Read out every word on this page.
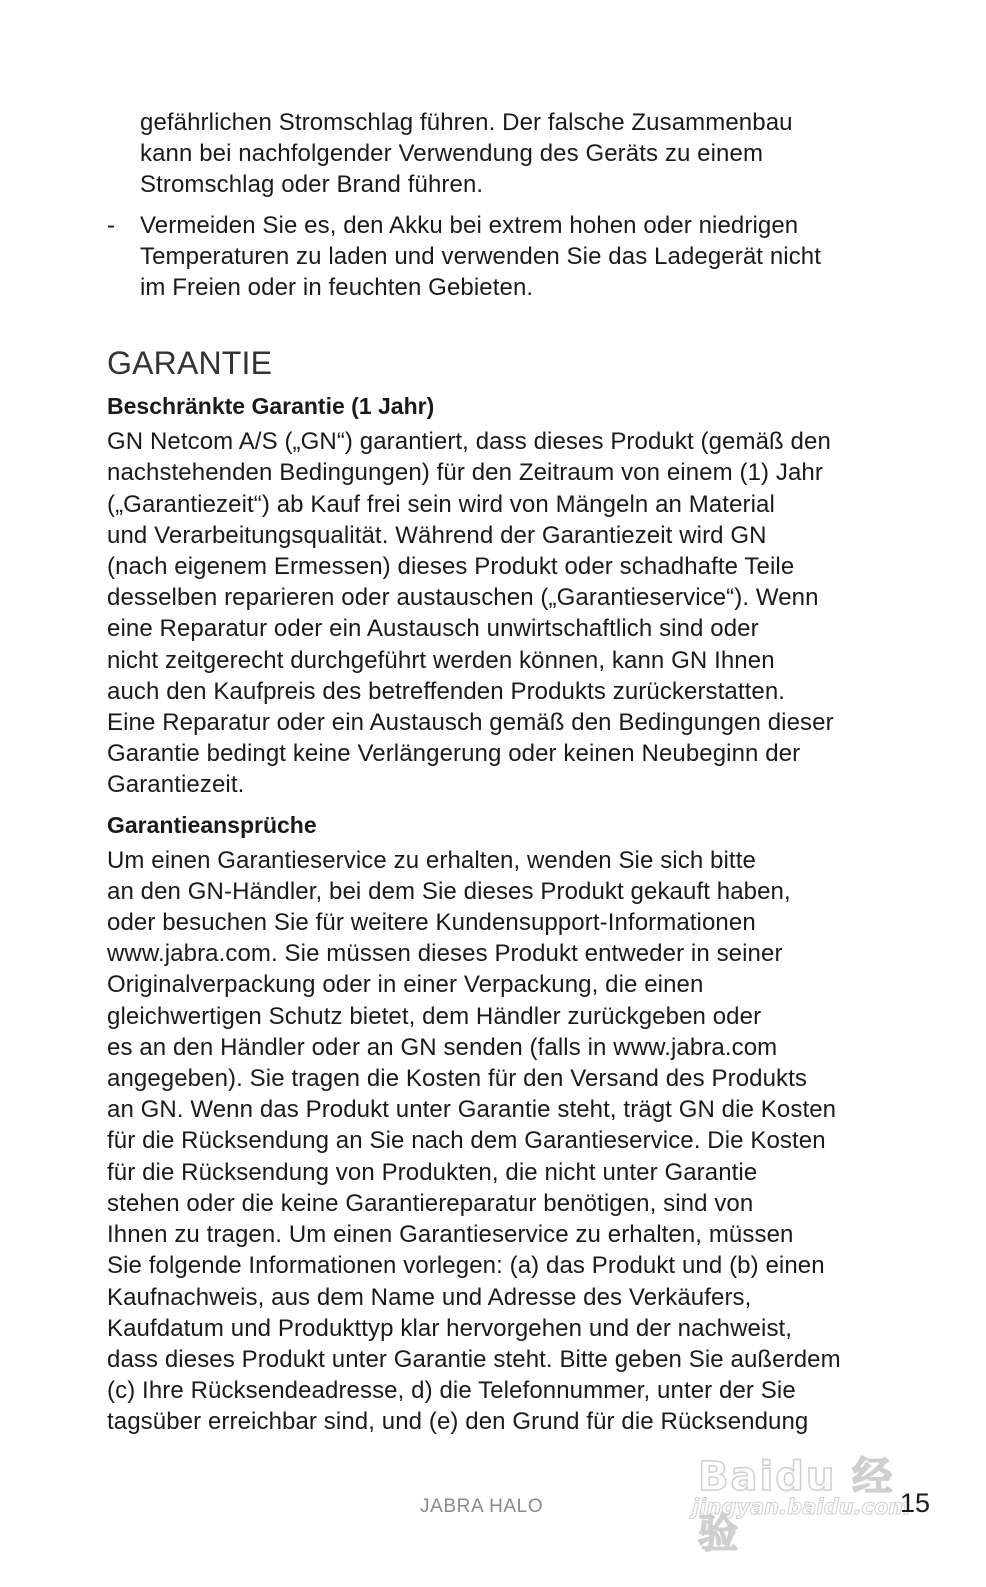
gefährlichen Stromschlag führen. Der falsche Zusammenbau
kann bei nachfolgender Verwendung des Geräts zu einem
Stromschlag oder Brand führen.
- Vermeiden Sie es, den Akku bei extrem hohen oder niedrigen
Temperaturen zu laden und verwenden Sie das Ladegerät nicht
im Freien oder in feuchten Gebieten.
GARANTIE
Beschränkte Garantie (1 Jahr)
GN Netcom A/S („GN“) garantiert, dass dieses Produkt (gemäß den
nachstehenden Bedingungen) für den Zeitraum von einem (1) Jahr
(„Garantiezeit“) ab Kauf frei sein wird von Mängeln an Material
und Verarbeitungsqualität. Während der Garantiezeit wird GN
(nach eigenem Ermessen) dieses Produkt oder schadhafte Teile
desselben reparieren oder austauschen („Garantieservice“). Wenn
eine Reparatur oder ein Austausch unwirtschaftlich sind oder
nicht zeitgerecht durchgeführt werden können, kann GN Ihnen
auch den Kaufpreis des betreffenden Produkts zurückerstatten.
Eine Reparatur oder ein Austausch gemäß den Bedingungen dieser
Garantie bedingt keine Verlängerung oder keinen Neubeginn der
Garantiezeit.
Garantieansprüche
Um einen Garantieservice zu erhalten, wenden Sie sich bitte
an den GN-Händler, bei dem Sie dieses Produkt gekauft haben,
oder besuchen Sie für weitere Kundensupport-Informationen
www.jabra.com. Sie müssen dieses Produkt entweder in seiner
Originalverpackung oder in einer Verpackung, die einen
gleichwertigen Schutz bietet, dem Händler zurückgeben oder
es an den Händler oder an GN senden (falls in www.jabra.com
angegeben). Sie tragen die Kosten für den Versand des Produkts
an GN. Wenn das Produkt unter Garantie steht, trägt GN die Kosten
für die Rücksendung an Sie nach dem Garantieservice. Die Kosten
für die Rücksendung von Produkten, die nicht unter Garantie
stehen oder die keine Garantiereparatur benötigen, sind von
Ihnen zu tragen. Um einen Garantieservice zu erhalten, müssen
Sie folgende Informationen vorlegen: (a) das Produkt und (b) einen
Kaufnachweis, aus dem Name und Adresse des Verkäufers,
Kaufdatum und Produkttyp klar hervorgehen und der nachweist,
dass dieses Produkt unter Garantie steht. Bitte geben Sie außerdem
(c) Ihre Rücksendeadresse, d) die Telefonnummer, unter der Sie
tagsüber erreichbar sind, und (e) den Grund für die Rücksendung
Baidu 经验
jingyan.baidu.com
JABRA HALO	15
